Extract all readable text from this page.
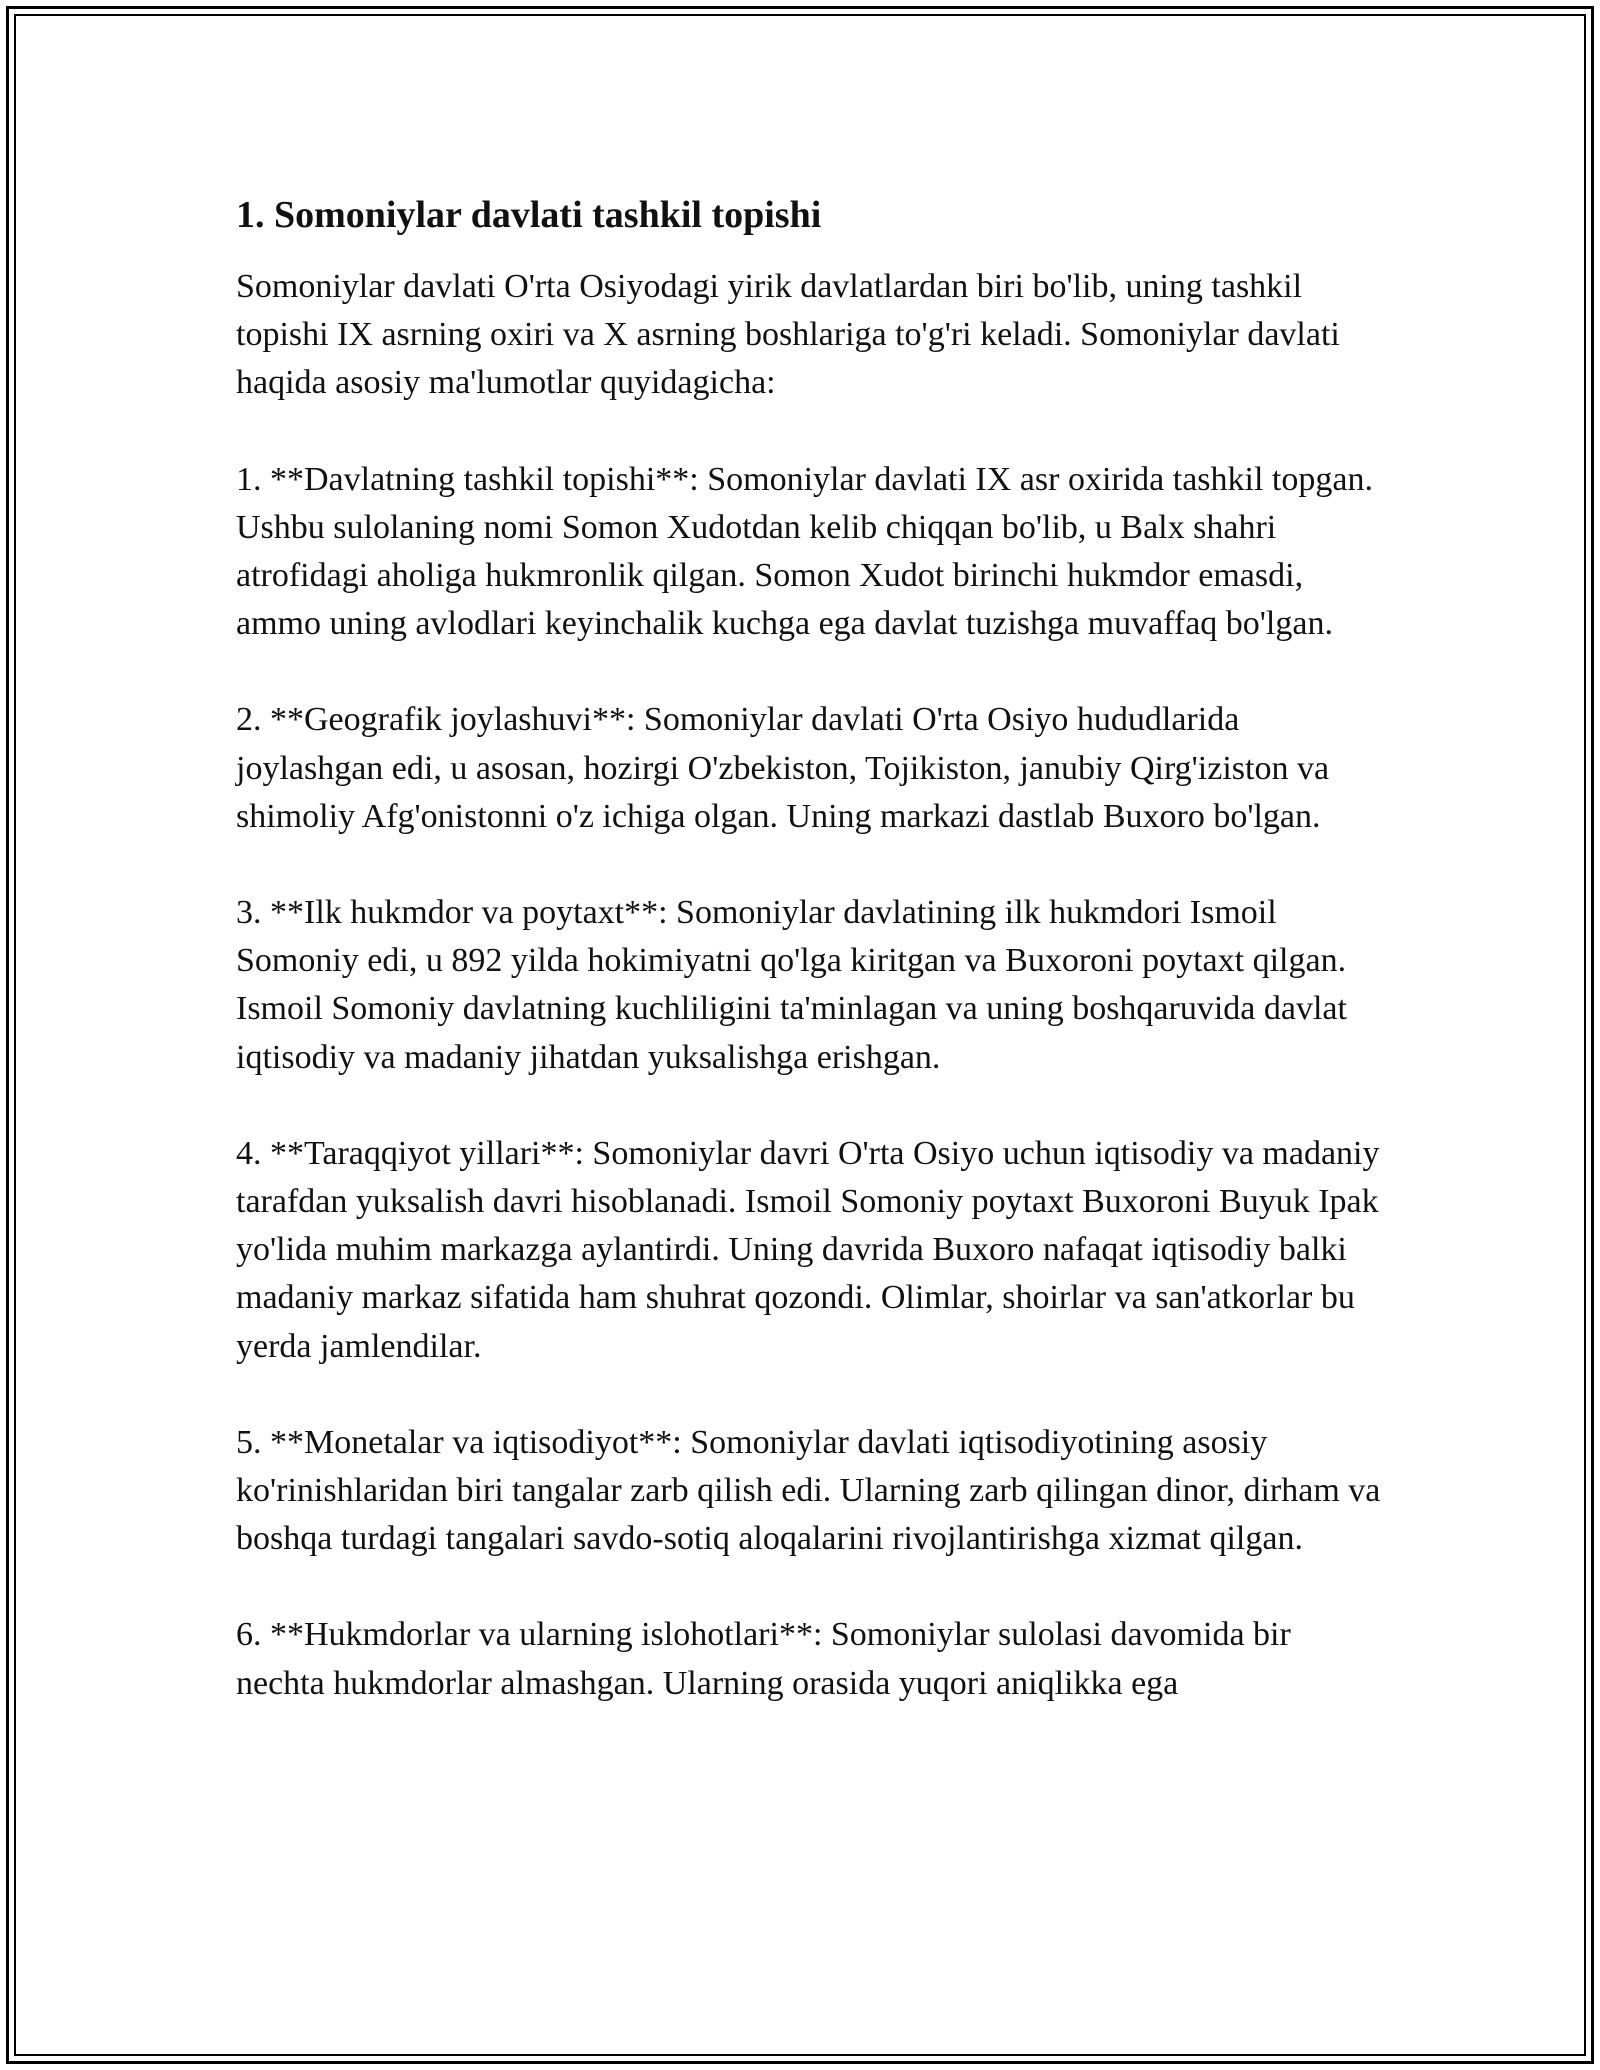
1. Somoniylar davlati tashkil topishi

Somoniylar davlati O'rta Osiyodagi yirik davlatlardan biri bo'lib, uning tashkil topishi IX asrning oxiri va X asrning boshlariga to'g'ri keladi. Somoniylar davlati haqida asosiy ma'lumotlar quyidagicha:

1. **Davlatning tashkil topishi**: Somoniylar davlati IX asr oxirida tashkil topgan. Ushbu sulolaning nomi Somon Xudotdan kelib chiqqan bo'lib, u Balx shahri atrofidagi aholiga hukmronlik qilgan. Somon Xudot birinchi hukmdor emasdi, ammo uning avlodlari keyinchalik kuchga ega davlat tuzishga muvaffaq bo'lgan.

2. **Geografik joylashuvi**: Somoniylar davlati O'rta Osiyo hududlarida joylashgan edi, u asosan, hozirgi O'zbekiston, Tojikiston, janubiy Qirg'iziston va shimoliy Afg'onistonni o'z ichiga olgan. Uning markazi dastlab Buxoro bo'lgan.

3. **Ilk hukmdor va poytaxt**: Somoniylar davlatining ilk hukmdori Ismoil Somoniy edi, u 892 yilda hokimiyatni qo'lga kiritgan va Buxoroni poytaxt qilgan. Ismoil Somoniy davlatning kuchliligini ta'minlagan va uning boshqaruvida davlat iqtisodiy va madaniy jihatdan yuksalishga erishgan.

4. **Taraqqiyot yillari**: Somoniylar davri O'rta Osiyo uchun iqtisodiy va madaniy tarafdan yuksalish davri hisoblanadi. Ismoil Somoniy poytaxt Buxoroni Buyuk Ipak yo'lida muhim markazga aylantirdi. Uning davrida Buxoro nafaqat iqtisodiy balki madaniy markaz sifatida ham shuhrat qozondi. Olimlar, shoirlar va san'atkorlar bu yerda jamlendilar.

5. **Monetalar va iqtisodiyot**: Somoniylar davlati iqtisodiyotining asosiy ko'rinishlaridan biri tangalar zarb qilish edi. Ularning zarb qilingan dinor, dirham va boshqa turdagi tangalari savdo-sotiq aloqalarini rivojlantirishga xizmat qilgan.

6. **Hukmdorlar va ularning islohotlari**: Somoniylar sulolasi davomida bir nechta hukmdorlar almashgan. Ularning orasida yuqori aniqlikka ega
